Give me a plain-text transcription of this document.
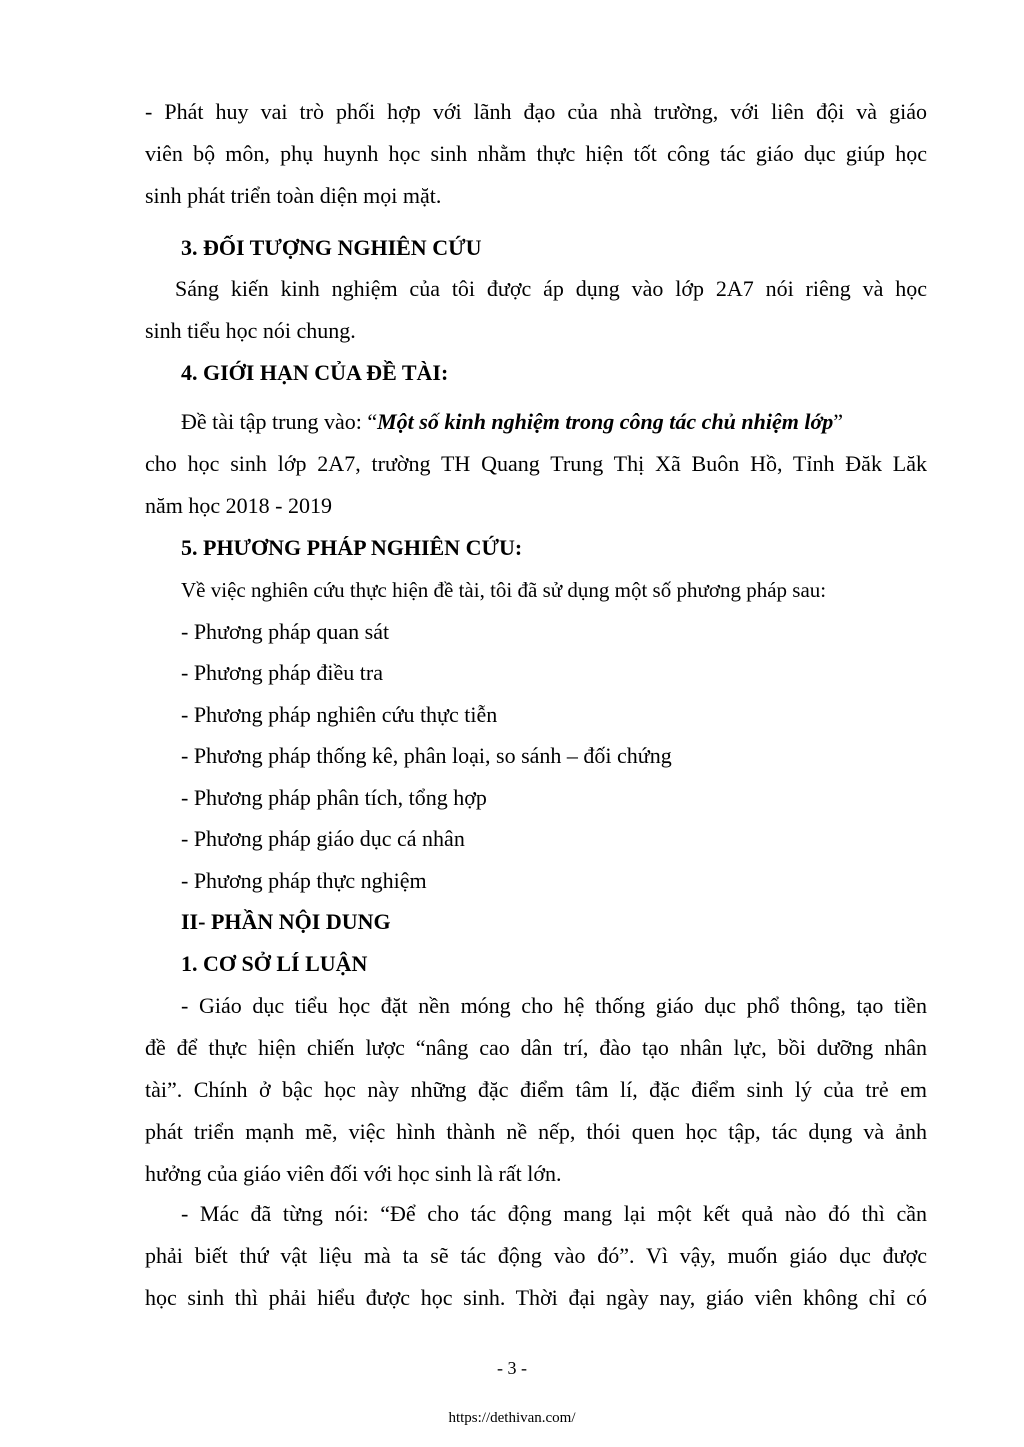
- Phát huy vai trò phối hợp với lãnh đạo của nhà trường, với liên đội và giáo
viên bộ môn, phụ huynh học sinh nhằm thực hiện tốt công tác giáo dục giúp học
sinh phát triển toàn diện mọi mặt.
3. ĐỐI TƯỢNG NGHIÊN CỨU
Sáng kiến kinh nghiệm của tôi được áp dụng vào lớp 2A7 nói riêng và học
sinh tiểu học nói chung.
4. GIỚI HẠN CỦA ĐỀ TÀI:
Đề tài tập trung vào: “Một số kinh nghiệm trong công tác chủ nhiệm lớp”
cho học sinh lớp 2A7, trường TH Quang Trung Thị Xã Buôn Hồ, Tỉnh Đăk Lăk
năm học 2018 - 2019
5. PHƯƠNG PHÁP NGHIÊN CỨU:
Về việc nghiên cứu thực hiện đề tài, tôi đã sử dụng một số phương pháp sau:
- Phương pháp quan sát
- Phương pháp điều tra
- Phương pháp nghiên cứu thực tiễn
- Phương pháp thống kê, phân loại, so sánh – đối chứng
- Phương pháp phân tích, tổng hợp
- Phương pháp giáo dục cá nhân
- Phương pháp thực nghiệm
II- PHẦN NỘI DUNG
1. CƠ SỞ LÍ LUẬN
- Giáo dục tiểu học đặt nền móng cho hệ thống giáo dục phổ thông, tạo tiền
đề để thực hiện chiến lược “nâng cao dân trí, đào tạo nhân lực, bồi dưỡng nhân
tài”. Chính ở bậc học này những đặc điểm tâm lí, đặc điểm sinh lý của trẻ em
phát triển mạnh mẽ, việc hình thành nề nếp, thói quen học tập, tác dụng và ảnh
hưởng của giáo viên đối với học sinh là rất lớn.
- Mác đã từng nói: “Để cho tác động mang lại một kết quả nào đó thì cần
phải biết thứ vật liệu mà ta sẽ tác động vào đó”. Vì vậy, muốn giáo dục được
học sinh thì phải hiểu được học sinh. Thời đại ngày nay, giáo viên không chỉ có
- 3 -
https://dethivan.com/
